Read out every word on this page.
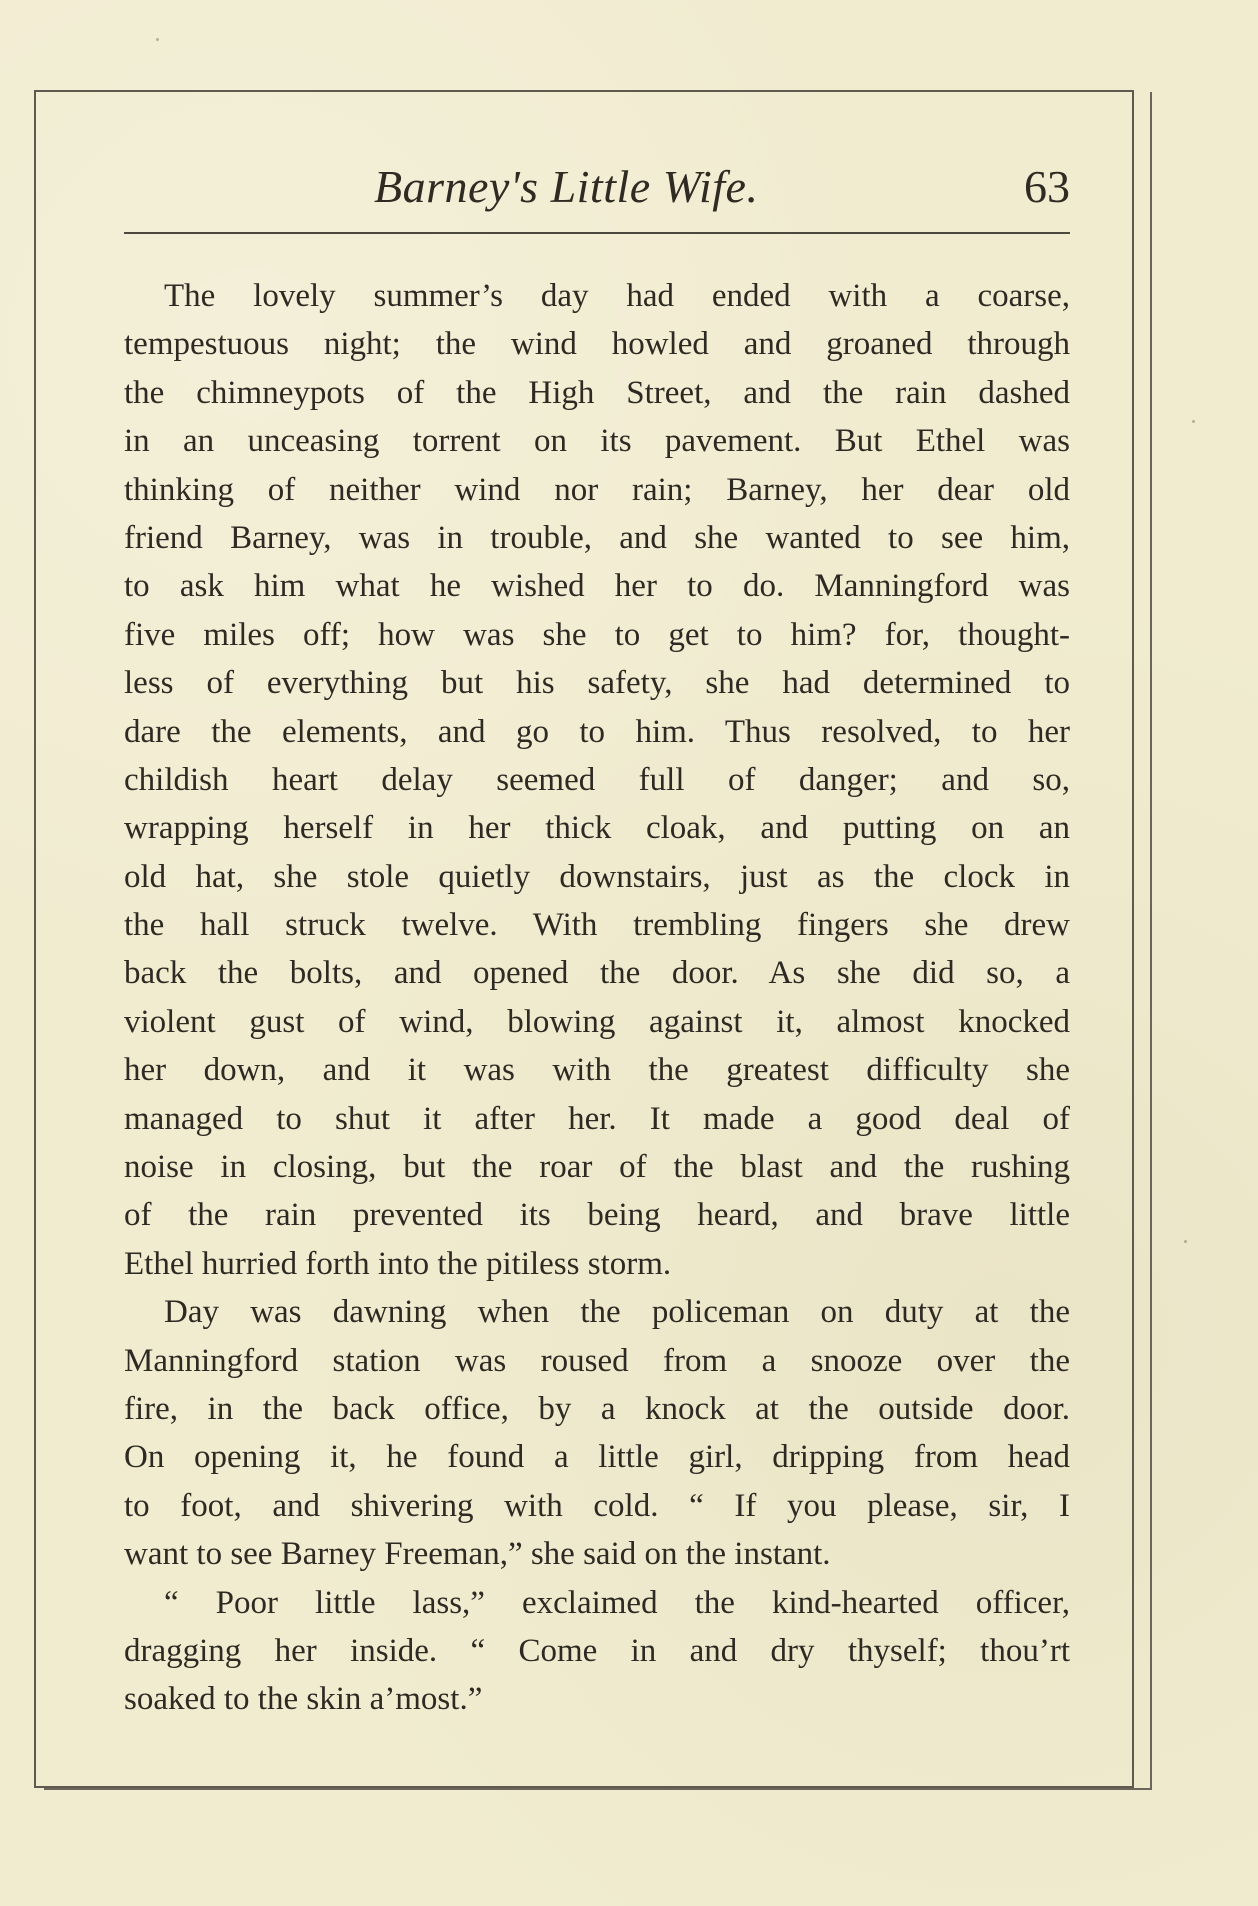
Barney's Little Wife.	63
The lovely summer’s day had ended with a coarse,
tempestuous night; the wind howled and groaned through
the chimneypots of the High Street, and the rain dashed
in an unceasing torrent on its pavement. But Ethel was
thinking of neither wind nor rain; Barney, her dear old
friend Barney, was in trouble, and she wanted to see him,
to ask him what he wished her to do. Manningford was
five miles off; how was she to get to him? for, thought-
less of everything but his safety, she had determined to
dare the elements, and go to him. Thus resolved, to her
childish heart delay seemed full of danger; and so,
wrapping herself in her thick cloak, and putting on an
old hat, she stole quietly downstairs, just as the clock in
the hall struck twelve. With trembling fingers she drew
back the bolts, and opened the door. As she did so, a
violent gust of wind, blowing against it, almost knocked
her down, and it was with the greatest difficulty she
managed to shut it after her. It made a good deal of
noise in closing, but the roar of the blast and the rushing
of the rain prevented its being heard, and brave little
Ethel hurried forth into the pitiless storm.
Day was dawning when the policeman on duty at the
Manningford station was roused from a snooze over the
fire, in the back office, by a knock at the outside door.
On opening it, he found a little girl, dripping from head
to foot, and shivering with cold. “ If you please, sir, I
want to see Barney Freeman,” she said on the instant.
“ Poor little lass,” exclaimed the kind-hearted officer,
dragging her inside. “ Come in and dry thyself; thou’rt
soaked to the skin a’most.”
